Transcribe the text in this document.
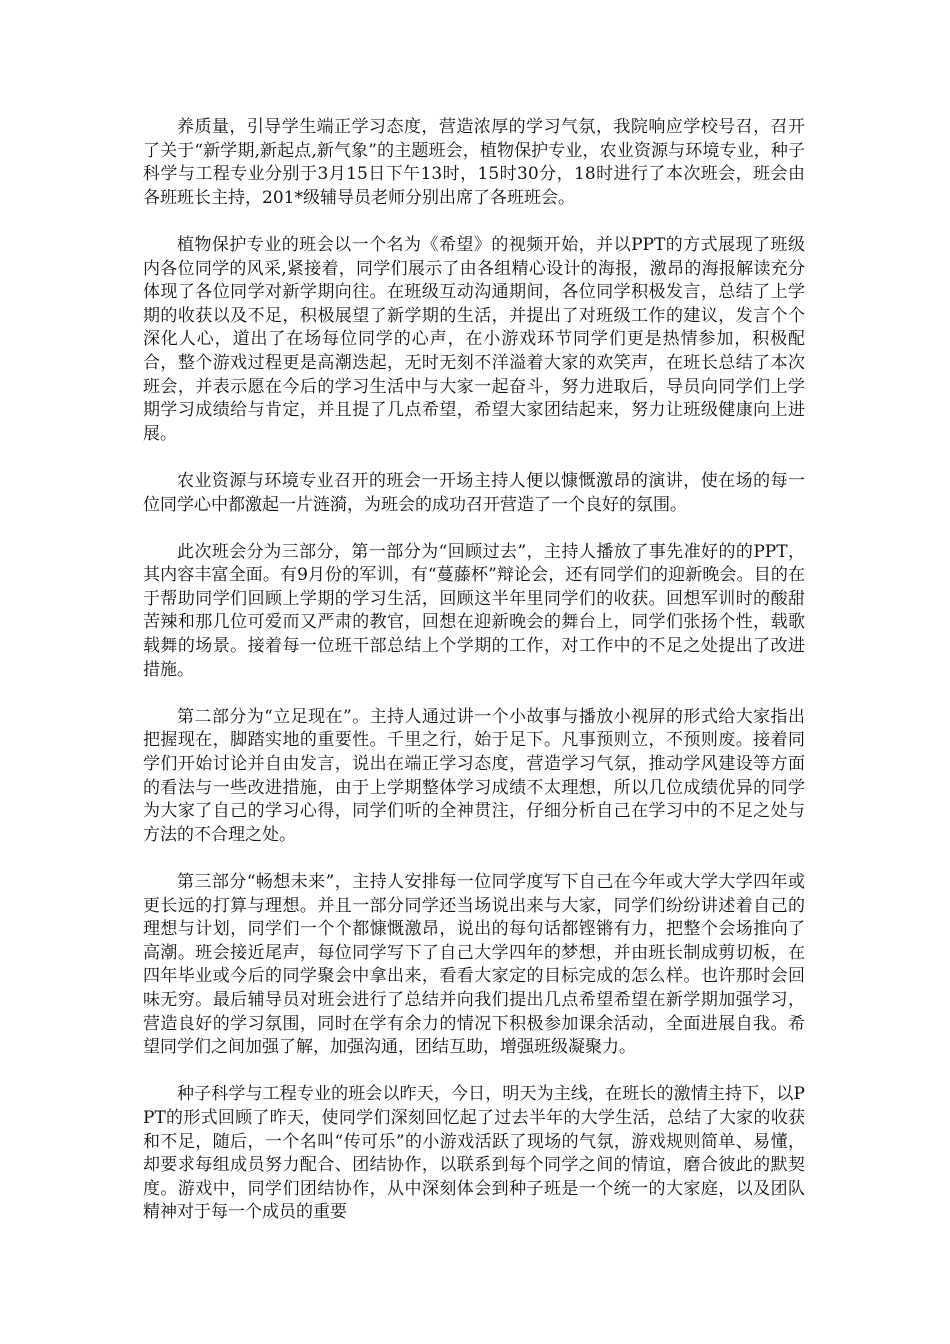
养质量，引导学生端正学习态度，营造浓厚的学习气氛，我院响应学校号召，召开了关于“新学期,新起点,新气象”的主题班会，植物保护专业，农业资源与环境专业，种子科学与工程专业分别于3月15日下午13时，15时30分，18时进行了本次班会，班会由各班班长主持，201*级辅导员老师分别出席了各班班会。

植物保护专业的班会以一个名为《希望》的视频开始，并以PPT的方式展现了班级内各位同学的风采,紧接着，同学们展示了由各组精心设计的海报，激昂的海报解读充分体现了各位同学对新学期向往。在班级互动沟通期间，各位同学积极发言，总结了上学期的收获以及不足，积极展望了新学期的生活，并提出了对班级工作的建议，发言个个深化人心，道出了在场每位同学的心声，在小游戏环节同学们更是热情参加，积极配合，整个游戏过程更是高潮迭起，无时无刻不洋溢着大家的欢笑声，在班长总结了本次班会，并表示愿在今后的学习生活中与大家一起奋斗，努力进取后，导员向同学们上学期学习成绩给与肯定，并且提了几点希望，希望大家团结起来，努力让班级健康向上进展。

农业资源与环境专业召开的班会一开场主持人便以慷慨激昂的演讲，使在场的每一位同学心中都激起一片涟漪，为班会的成功召开营造了一个良好的氛围。

此次班会分为三部分，第一部分为“回顾过去”，主持人播放了事先准好的的PPT，其内容丰富全面。有9月份的军训，有“蔓藤杯”辩论会，还有同学们的迎新晚会。目的在于帮助同学们回顾上学期的学习生活，回顾这半年里同学们的收获。回想军训时的酸甜苦辣和那几位可爱而又严肃的教官，回想在迎新晚会的舞台上，同学们张扬个性，载歌载舞的场景。接着每一位班干部总结上个学期的工作，对工作中的不足之处提出了改进措施。

第二部分为“立足现在”。主持人通过讲一个小故事与播放小视屏的形式给大家指出把握现在，脚踏实地的重要性。千里之行，始于足下。凡事预则立，不预则废。接着同学们开始讨论并自由发言，说出在端正学习态度，营造学习气氛，推动学风建设等方面的看法与一些改进措施，由于上学期整体学习成绩不太理想，所以几位成绩优异的同学为大家了自己的学习心得，同学们听的全神贯注，仔细分析自己在学习中的不足之处与方法的不合理之处。

第三部分“畅想未来”，主持人安排每一位同学度写下自己在今年或大学大学四年或更长远的打算与理想。并且一部分同学还当场说出来与大家，同学们纷纷讲述着自己的理想与计划，同学们一个个都慷慨激昂，说出的每句话都铿锵有力，把整个会场推向了高潮。班会接近尾声，每位同学写下了自己大学四年的梦想，并由班长制成剪切板，在四年毕业或今后的同学聚会中拿出来，看看大家定的目标完成的怎么样。也许那时会回味无穷。最后辅导员对班会进行了总结并向我们提出几点希望希望在新学期加强学习，营造良好的学习氛围，同时在学有余力的情况下积极参加课余活动，全面进展自我。希望同学们之间加强了解，加强沟通，团结互助，增强班级凝聚力。

种子科学与工程专业的班会以昨天，今日，明天为主线，在班长的激情主持下，以PPT的形式回顾了昨天，使同学们深刻回忆起了过去半年的大学生活，总结了大家的收获和不足，随后，一个名叫“传可乐”的小游戏活跃了现场的气氛，游戏规则简单、易懂，却要求每组成员努力配合、团结协作，以联系到每个同学之间的情谊，磨合彼此的默契度。游戏中，同学们团结协作，从中深刻体会到种子班是一个统一的大家庭，以及团队精神对于每一个成员的重要
